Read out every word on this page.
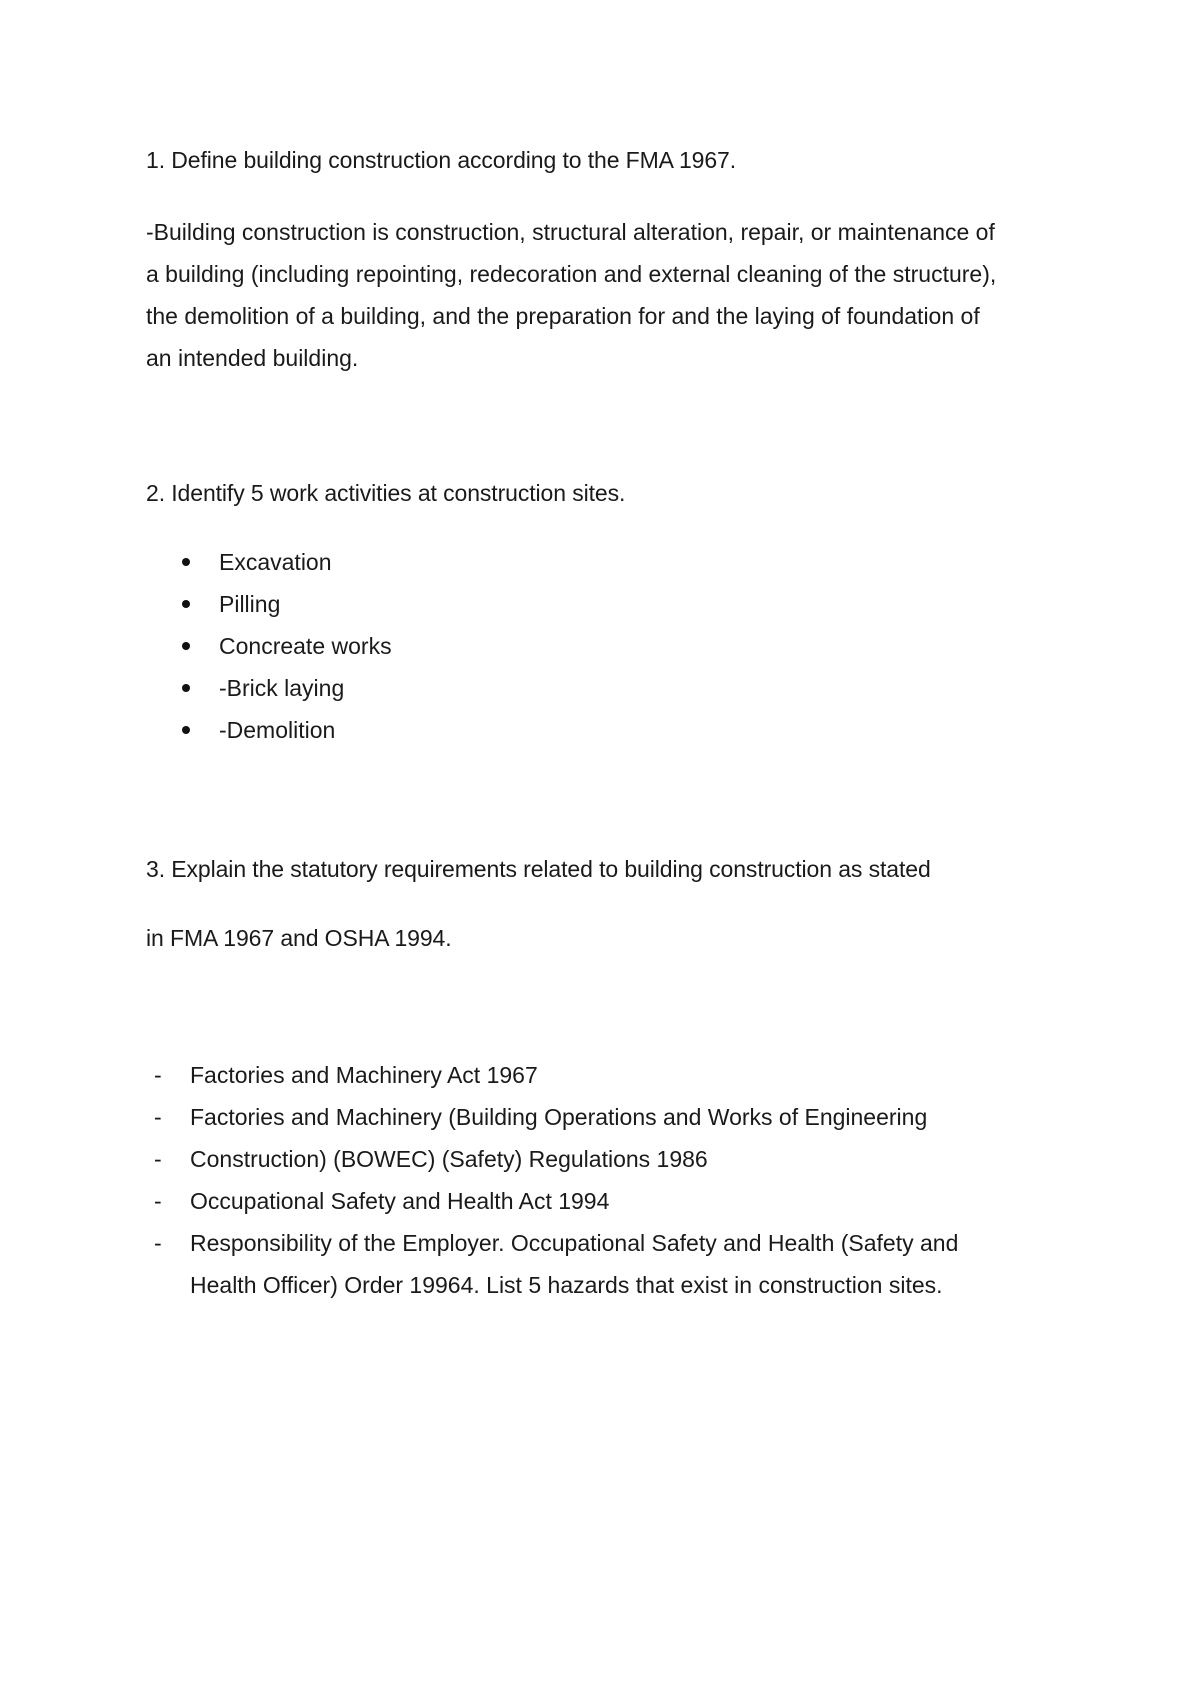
1. Define building construction according to the FMA 1967.
-Building construction is construction, structural alteration, repair, or maintenance of
a building (including repointing, redecoration and external cleaning of the structure),
the demolition of a building, and the preparation for and the laying of foundation of
an intended building.
2. Identify 5 work activities at construction sites.
Excavation
Pilling
Concreate works
-Brick laying
-Demolition
3. Explain the statutory requirements related to building construction as stated
in FMA 1967 and OSHA 1994.
- Factories and Machinery Act 1967
- Factories and Machinery (Building Operations and Works of Engineering
- Construction) (BOWEC) (Safety) Regulations 1986
- Occupational Safety and Health Act 1994
- Responsibility of the Employer. Occupational Safety and Health (Safety and
Health Officer) Order 19964. List 5 hazards that exist in construction sites.
